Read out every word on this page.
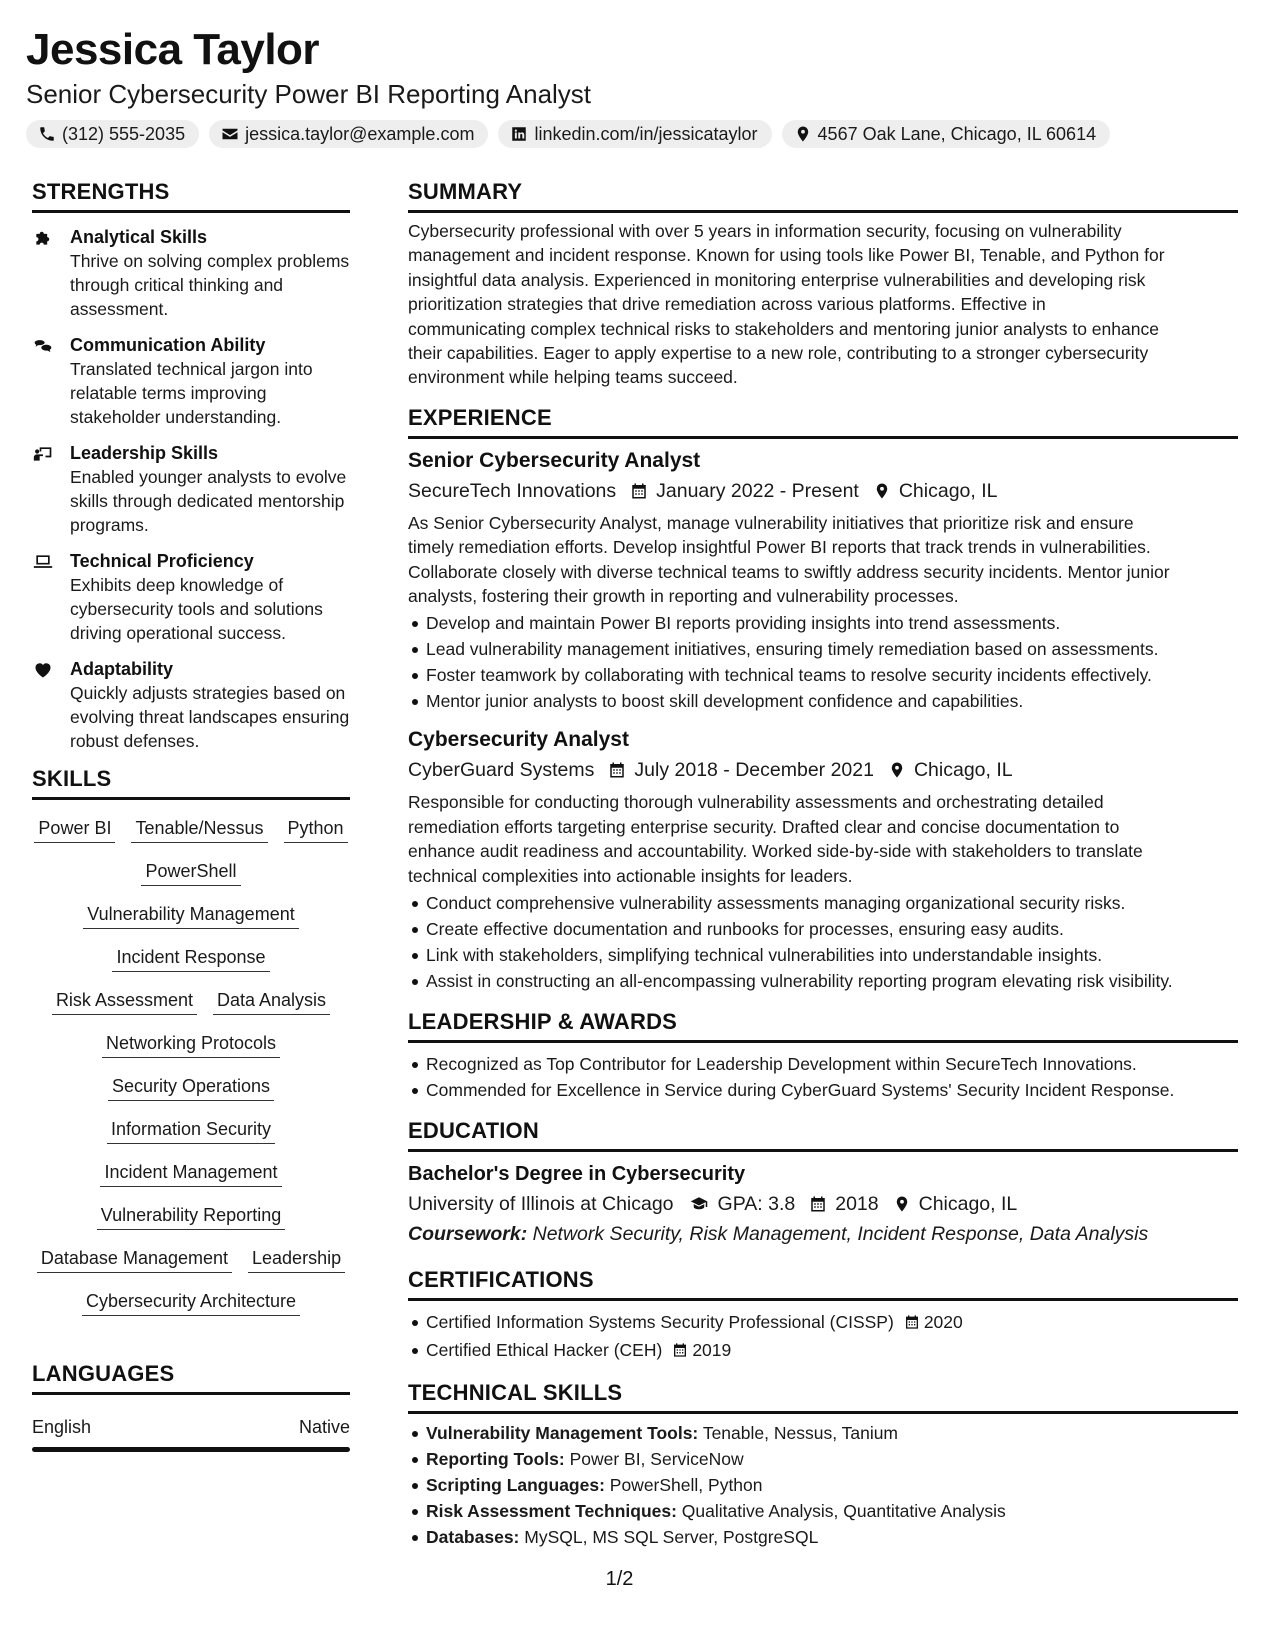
Jessica Taylor
Senior Cybersecurity Power BI Reporting Analyst
(312) 555-2035	jessica.taylor@example.com	linkedin.com/in/jessicataylor	4567 Oak Lane, Chicago, IL 60614
STRENGTHS
Analytical Skills
Thrive on solving complex problems through critical thinking and assessment.
Communication Ability
Translated technical jargon into relatable terms improving stakeholder understanding.
Leadership Skills
Enabled younger analysts to evolve skills through dedicated mentorship programs.
Technical Proficiency
Exhibits deep knowledge of cybersecurity tools and solutions driving operational success.
Adaptability
Quickly adjusts strategies based on evolving threat landscapes ensuring robust defenses.
SKILLS
Power BI Tenable/Nessus Python
PowerShell
Vulnerability Management
Incident Response
Risk Assessment Data Analysis
Networking Protocols
Security Operations
Information Security
Incident Management
Vulnerability Reporting
Database Management Leadership
Cybersecurity Architecture
LANGUAGES
English	Native
SUMMARY
Cybersecurity professional with over 5 years in information security, focusing on vulnerability
management and incident response. Known for using tools like Power BI, Tenable, and Python for
insightful data analysis. Experienced in monitoring enterprise vulnerabilities and developing risk
prioritization strategies that drive remediation across various platforms. Effective in
communicating complex technical risks to stakeholders and mentoring junior analysts to enhance
their capabilities. Eager to apply expertise to a new role, contributing to a stronger cybersecurity
environment while helping teams succeed.
EXPERIENCE
Senior Cybersecurity Analyst
SecureTech Innovations January 2022 - Present Chicago, IL
As Senior Cybersecurity Analyst, manage vulnerability initiatives that prioritize risk and ensure
timely remediation efforts. Develop insightful Power BI reports that track trends in vulnerabilities.
Collaborate closely with diverse technical teams to swiftly address security incidents. Mentor junior
analysts, fostering their growth in reporting and vulnerability processes.
Develop and maintain Power BI reports providing insights into trend assessments.
Lead vulnerability management initiatives, ensuring timely remediation based on assessments.
Foster teamwork by collaborating with technical teams to resolve security incidents effectively.
Mentor junior analysts to boost skill development confidence and capabilities.
Cybersecurity Analyst
CyberGuard Systems July 2018 - December 2021 Chicago, IL
Responsible for conducting thorough vulnerability assessments and orchestrating detailed
remediation efforts targeting enterprise security. Drafted clear and concise documentation to
enhance audit readiness and accountability. Worked side-by-side with stakeholders to translate
technical complexities into actionable insights for leaders.
Conduct comprehensive vulnerability assessments managing organizational security risks.
Create effective documentation and runbooks for processes, ensuring easy audits.
Link with stakeholders, simplifying technical vulnerabilities into understandable insights.
Assist in constructing an all-encompassing vulnerability reporting program elevating risk visibility.
LEADERSHIP & AWARDS
Recognized as Top Contributor for Leadership Development within SecureTech Innovations.
Commended for Excellence in Service during CyberGuard Systems' Security Incident Response.
EDUCATION
Bachelor's Degree in Cybersecurity
University of Illinois at Chicago GPA: 3.8 2018 Chicago, IL
Coursework: Network Security, Risk Management, Incident Response, Data Analysis
CERTIFICATIONS
Certified Information Systems Security Professional (CISSP) 2020
Certified Ethical Hacker (CEH) 2019
TECHNICAL SKILLS
Vulnerability Management Tools: Tenable, Nessus, Tanium
Reporting Tools: Power BI, ServiceNow
Scripting Languages: PowerShell, Python
Risk Assessment Techniques: Qualitative Analysis, Quantitative Analysis
Databases: MySQL, MS SQL Server, PostgreSQL
1/2
